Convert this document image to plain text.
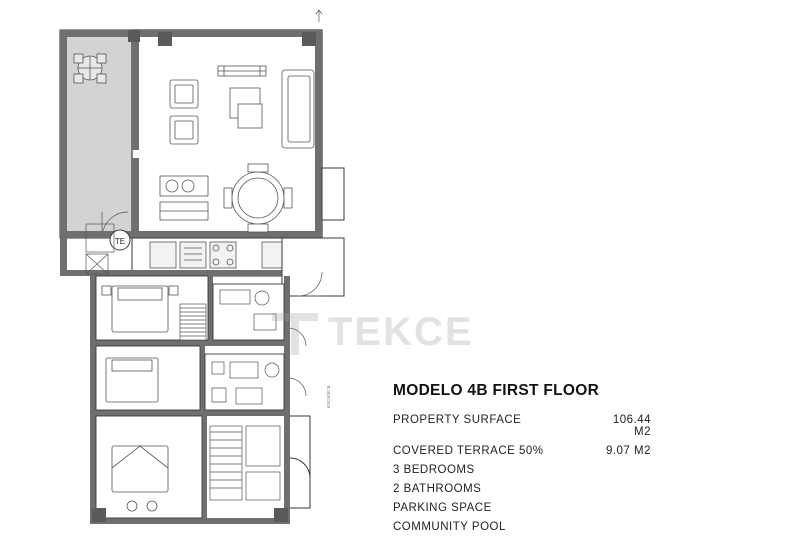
TE
escalera
TEKCE
MODELO 4B FIRST FLOOR
PROPERTY SURFACE	106.44 M2
COVERED TERRACE 50%	9.07 M2
3 BEDROOMS
2 BATHROOMS
PARKING SPACE
COMMUNITY POOL
